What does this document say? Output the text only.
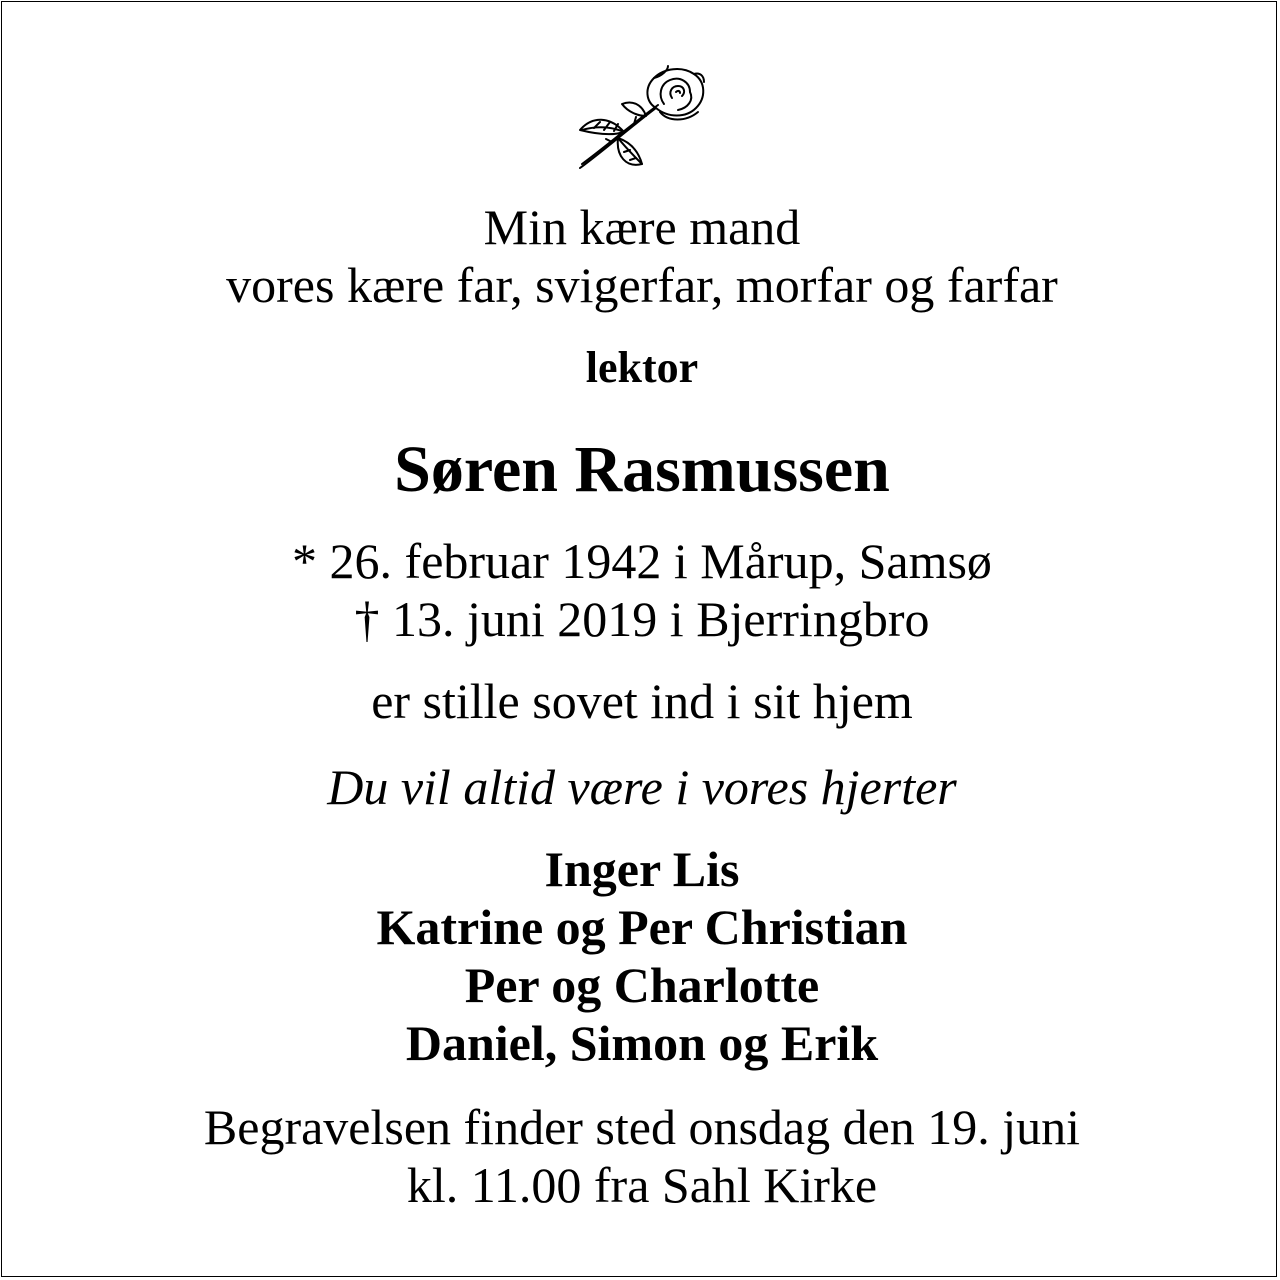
Min kære mand
vores kære far, svigerfar, morfar og farfar
lektor
Søren Rasmussen
* 26. februar 1942 i Mårup, Samsø
† 13. juni 2019 i Bjerringbro
er stille sovet ind i sit hjem
Du vil altid være i vores hjerter
Inger Lis
Katrine og Per Christian
Per og Charlotte
Daniel, Simon og Erik
Begravelsen finder sted onsdag den 19. juni
kl. 11.00 fra Sahl Kirke
